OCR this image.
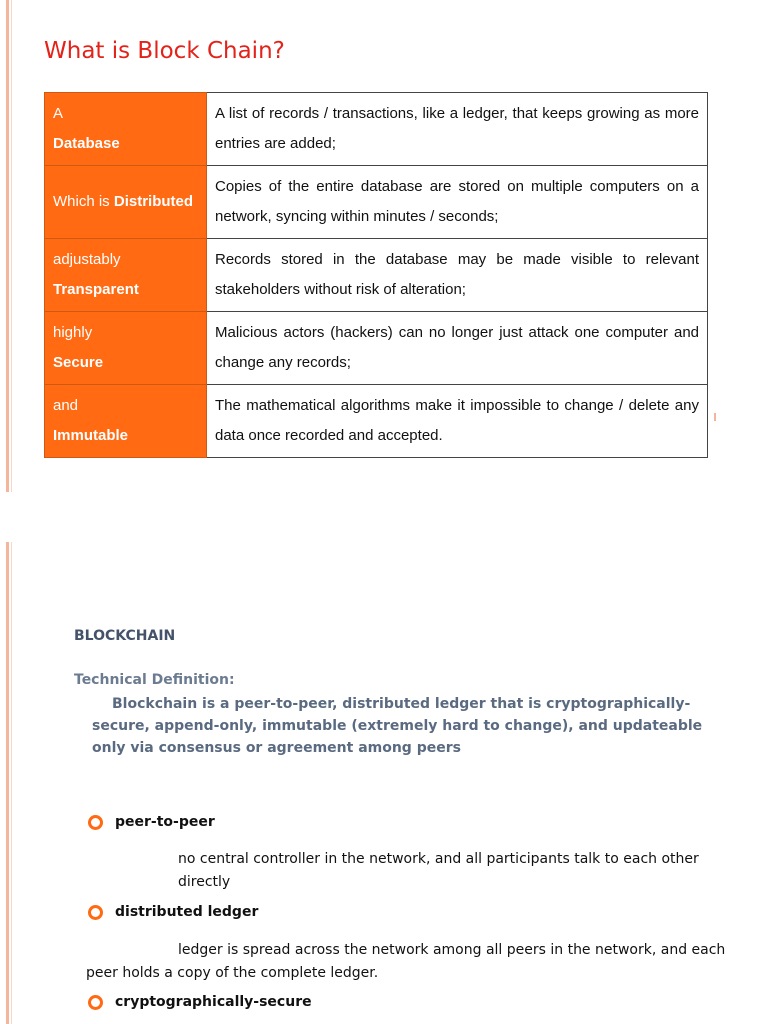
What is Block Chain?
A
Database	A list of records / transactions, like a ledger, that keeps growing as more entries are added;
Which is Distributed	Copies of the entire database are stored on multiple computers on a network, syncing within minutes / seconds;

adjustably
Transparent	Records stored in the database may be made visible to relevant stakeholders without risk of alteration;

highly
Secure	Malicious actors (hackers) can no longer just attack one computer and change any records;

and
Immutable	The mathematical algorithms make it impossible to change / delete any data once recorded and accepted.
BLOCKCHAIN
Technical Definition:
Blockchain is a peer-to-peer, distributed ledger that is cryptographically-secure, append-only, immutable (extremely hard to change), and updateable only via consensus or agreement among peers
peer-to-peer
no central controller in the network, and all participants talk to each other directly
distributed ledger
ledger is spread across the network among all peers in the network, and each peer holds a copy of the complete ledger.
cryptographically-secure
